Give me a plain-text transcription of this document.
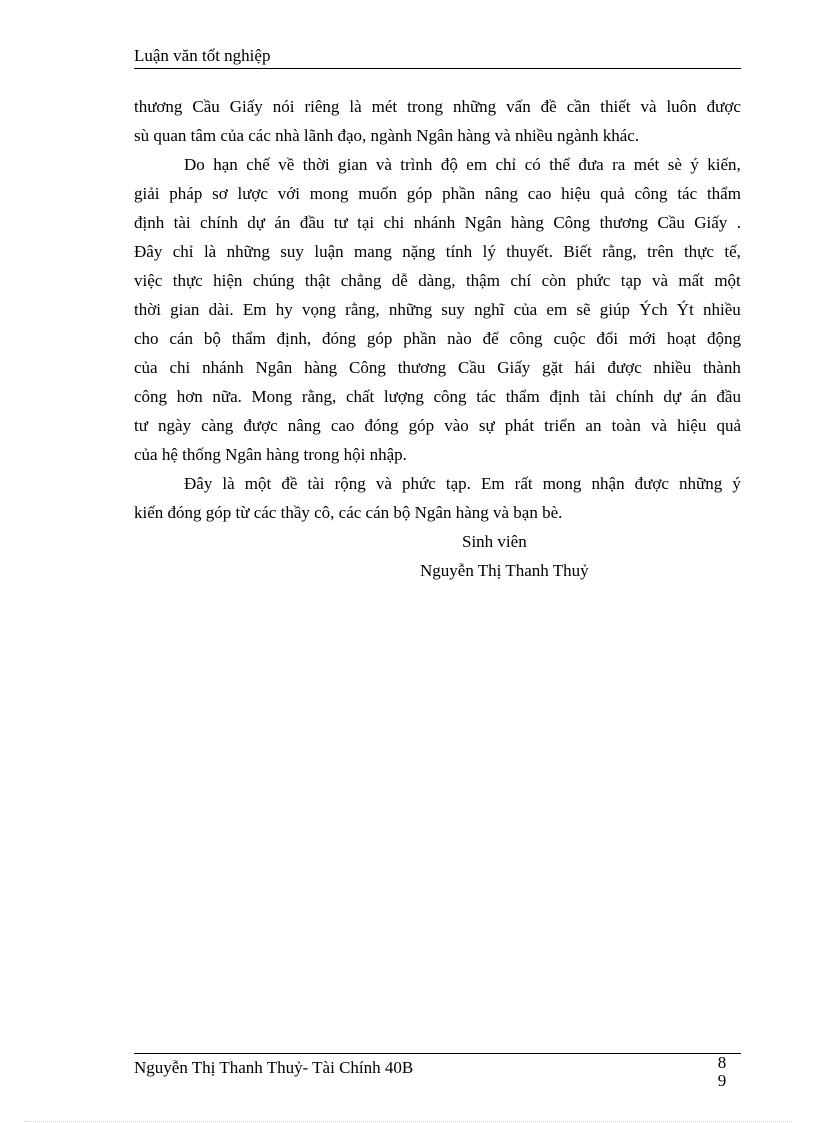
Luận văn tốt nghiệp
thương Cầu Giấy nói riêng là mét trong những vấn đề cần thiết và luôn được
sù quan tâm của các nhà lãnh đạo, ngành Ngân hàng và nhiều ngành khác.
Do hạn chế về thời gian và trình độ em chỉ có thể đưa ra mét sè ý kiến,
giải pháp sơ lược với mong muốn góp phần nâng cao hiệu quả công tác thẩm
định tài chính dự án đầu tư tại chi nhánh Ngân hàng Công thương Cầu Giấy .
Đây chỉ là những suy luận mang nặng tính lý thuyết. Biết rằng, trên thực tế,
việc thực hiện chúng thật chẳng dễ dàng, thậm chí còn phức tạp và mất một
thời gian dài. Em hy vọng rằng, những suy nghĩ của em sẽ giúp Ých Ýt nhiều
cho cán bộ thẩm định, đóng góp phần nào để công cuộc đổi mới hoạt động
của chi nhánh Ngân hàng Công thương Cầu Giấy gặt hái được nhiều thành
công hơn nữa. Mong rằng, chất lượng công tác thẩm định tài chính dự án đầu
tư ngày càng được nâng cao đóng góp vào sự phát triển an toàn và hiệu quả
của hệ thống Ngân hàng trong hội nhập.
Đây là một đề tài rộng và phức tạp. Em rất mong nhận được những ý
kiến đóng góp từ các thầy cô, các cán bộ Ngân hàng và bạn bè.
Sinh viên
Nguyễn Thị Thanh Thuỷ
Nguyễn Thị Thanh Thuỷ- Tài Chính 40B	89
